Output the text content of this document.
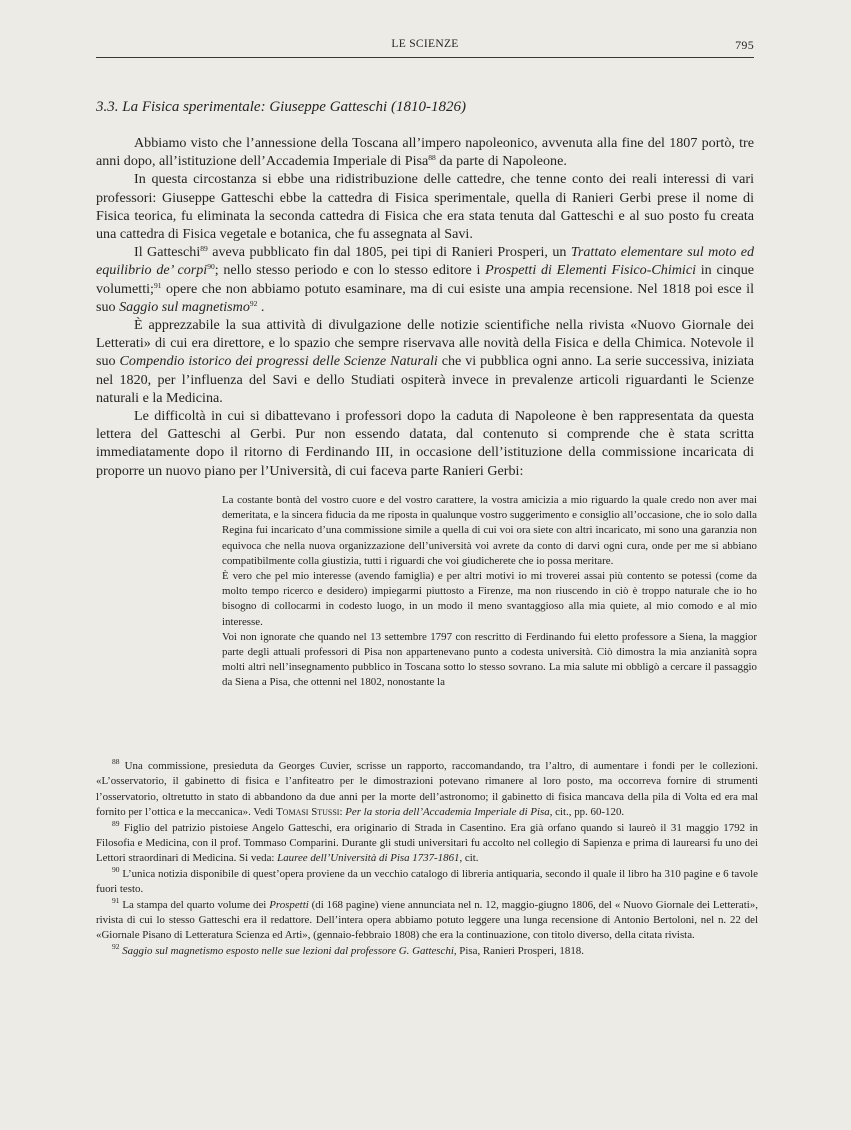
LE SCIENZE	795
3.3. La Fisica sperimentale: Giuseppe Gatteschi (1810-1826)

Abbiamo visto che l’annessione della Toscana all’impero napoleonico, avvenuta alla fine del 1807 portò, tre anni dopo, all’istituzione dell’Accademia Imperiale di Pisa$^{88}$ da parte di Napoleone.

In questa circostanza si ebbe una ridistribuzione delle cattedre, che tenne conto dei reali interessi di vari professori: Giuseppe Gatteschi ebbe la cattedra di Fisica sperimentale, quella di Ranieri Gerbi prese il nome di Fisica teorica, fu eliminata la seconda cattedra di Fisica che era stata tenuta dal Gatteschi e al suo posto fu creata una cattedra di Fisica vegetale e botanica, che fu assegnata al Savi.

Il Gatteschi$^{89}$ aveva pubblicato fin dal 1805, pei tipi di Ranieri Prosperi, un Trattato elementare sul moto ed equilibrio de’ corpi$^{90}$; nello stesso periodo e con lo stesso editore i Prospetti di Elementi Fisico-Chimici in cinque volumetti;$^{91}$ opere che non abbiamo potuto esaminare, ma di cui esiste una ampia recensione. Nel 1818 poi esce il suo Saggio sul magnetismo$^{92}$ .

È apprezzabile la sua attività di divulgazione delle notizie scientifiche nella rivista «Nuovo Giornale dei Letterati» di cui era direttore, e lo spazio che sempre riservava alle novità della Fisica e della Chimica. Notevole il suo Compendio istorico dei progressi delle Scienze Naturali che vi pubblica ogni anno. La serie successiva, iniziata nel 1820, per l’influenza del Savi e dello Studiati ospiterà invece in prevalenze articoli riguardanti le Scienze naturali e la Medicina.

Le difficoltà in cui si dibattevano i professori dopo la caduta di Napoleone è ben rappresentata da questa lettera del Gatteschi al Gerbi. Pur non essendo datata, dal contenuto si comprende che è stata scritta immediatamente dopo il ritorno di Ferdinando III, in occasione dell’istituzione della commissione incaricata di proporre un nuovo piano per l’Università, di cui faceva parte Ranieri Gerbi:

La costante bontà del vostro cuore e del vostro carattere, la vostra amicizia a mio riguardo la quale credo non aver mai demeritata, e la sincera fiducia da me riposta in qualunque vostro suggerimento e consiglio all’occasione, che io solo dalla Regina fui incaricato d’una commissione simile a quella di cui voi ora siete con altri incaricato, mi sono una garanzia non equivoca che nella nuova organizzazione dell’università voi avrete da conto di darvi ogni cura, onde per me si abbiano compatibilmente colla giustizia, tutti i riguardi che voi giudicherete che io possa meritare.

È vero che pel mio interesse (avendo famiglia) e per altri motivi io mi troverei assai più contento se potessi (come da molto tempo ricerco e desidero) impiegarmi piuttosto a Firenze, ma non riuscendo in ciò è troppo naturale che io ho bisogno di collocarmi in codesto luogo, in un modo il meno svantaggioso alla mia quiete, al mio comodo e al mio interesse.

Voi non ignorate che quando nel 13 settembre 1797 con rescritto di Ferdinando fui eletto professore a Siena, la maggior parte degli attuali professori di Pisa non appartenevano punto a codesta università. Ciò dimostra la mia anzianità sopra molti altri nell’insegnamento pubblico in Toscana sotto lo stesso sovrano. La mia salute mi obbligò a cercare il passaggio da Siena a Pisa, che ottenni nel 1802, nonostante la

$^{88}$ Una commissione, presieduta da Georges Cuvier, scrisse un rapporto, raccomandando, tra l’altro, di aumentare i fondi per le collezioni. «L’osservatorio, il gabinetto di fisica e l’anfiteatro per le dimostrazioni potevano rimanere al loro posto, ma occorreva fornire di strumenti l’osservatorio, oltretutto in stato di abbandono da due anni per la morte dell’astronomo; il gabinetto di fisica mancava della pila di Volta ed era mal fornito per l’ottica e la meccanica». Vedi Tomasi Stussi: Per la storia dell’Accademia Imperiale di Pisa, cit., pp. 60-120.

$^{89}$ Figlio del patrizio pistoiese Angelo Gatteschi, era originario di Strada in Casentino. Era già orfano quando si laureò il 31 maggio 1792 in Filosofia e Medicina, con il prof. Tommaso Comparini. Durante gli studi universitari fu accolto nel collegio di Sapienza e prima di laurearsi fu uno dei Lettori straordinari di Medicina. Si veda: Lauree dell’Università di Pisa 1737-1861, cit.

$^{90}$ L’unica notizia disponibile di quest’opera proviene da un vecchio catalogo di libreria antiquaria, secondo il quale il libro ha 310 pagine e 6 tavole fuori testo.

$^{91}$ La stampa del quarto volume dei Prospetti (di 168 pagine) viene annunciata nel n. 12, maggio-giugno 1806, del « Nuovo Giornale dei Letterati», rivista di cui lo stesso Gatteschi era il redattore. Dell’intera opera abbiamo potuto leggere una lunga recensione di Antonio Bertoloni, nel n. 22 del «Giornale Pisano di Letteratura Scienza ed Arti», (gennaio-febbraio 1808) che era la continuazione, con titolo diverso, della citata rivista.

$^{92}$ Saggio sul magnetismo esposto nelle sue lezioni dal professore G. Gatteschi, Pisa, Ranieri Prosperi, 1818.
